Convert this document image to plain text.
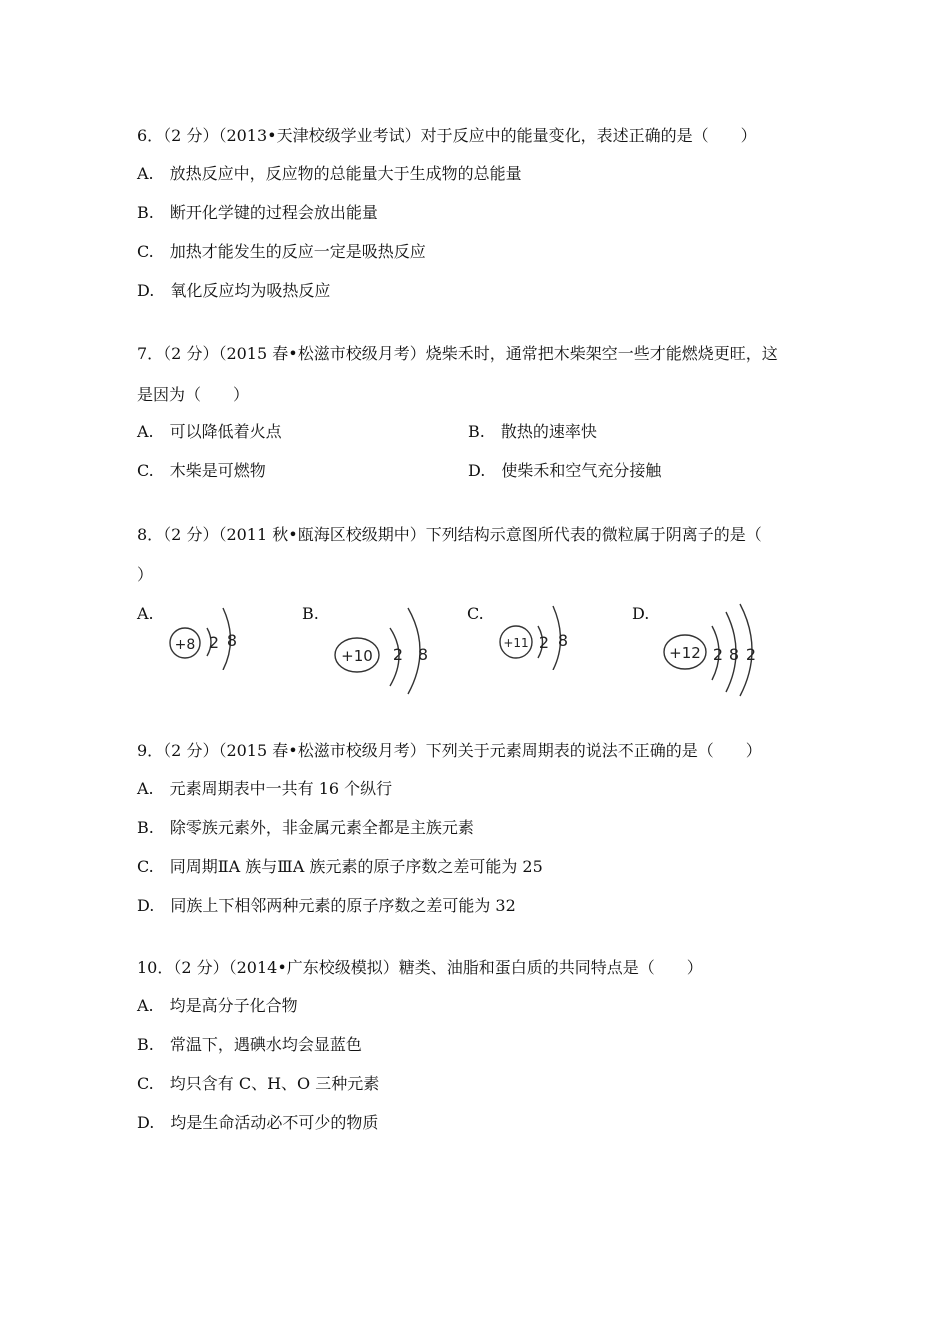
6．（2 分）（2013•天津校级学业考试）对于反应中的能量变化，表述正确的是（　　）
A.　放热反应中，反应物的总能量大于生成物的总能量
B.　断开化学键的过程会放出能量
C.　加热才能发生的反应一定是吸热反应
D.　氧化反应均为吸热反应
7．（2 分）（2015 春•松滋市校级月考）烧柴禾时，通常把木柴架空一些才能燃烧更旺，这
是因为（　　）
A.　可以降低着火点	B.　散热的速率快
C.　木柴是可燃物	D.　使柴禾和空气充分接触
8．（2 分）（2011 秋•瓯海区校级期中）下列结构示意图所代表的微粒属于阴离子的是（
）
A.
+8 2 8
B.
+10 2 8
C.
+11 2 8
D.
+12 2 8 2
9．（2 分）（2015 春•松滋市校级月考）下列关于元素周期表的说法不正确的是（　　）
A.　元素周期表中一共有 16 个纵行
B.　除零族元素外，非金属元素全都是主族元素
C.　同周期ⅡA 族与ⅢA 族元素的原子序数之差可能为 25
D.　同族上下相邻两种元素的原子序数之差可能为 32
10．（2 分）（2014•广东校级模拟）糖类、油脂和蛋白质的共同特点是（　　）
A.　均是高分子化合物
B.　常温下，遇碘水均会显蓝色
C.　均只含有 C、H、O 三种元素
D.　均是生命活动必不可少的物质
